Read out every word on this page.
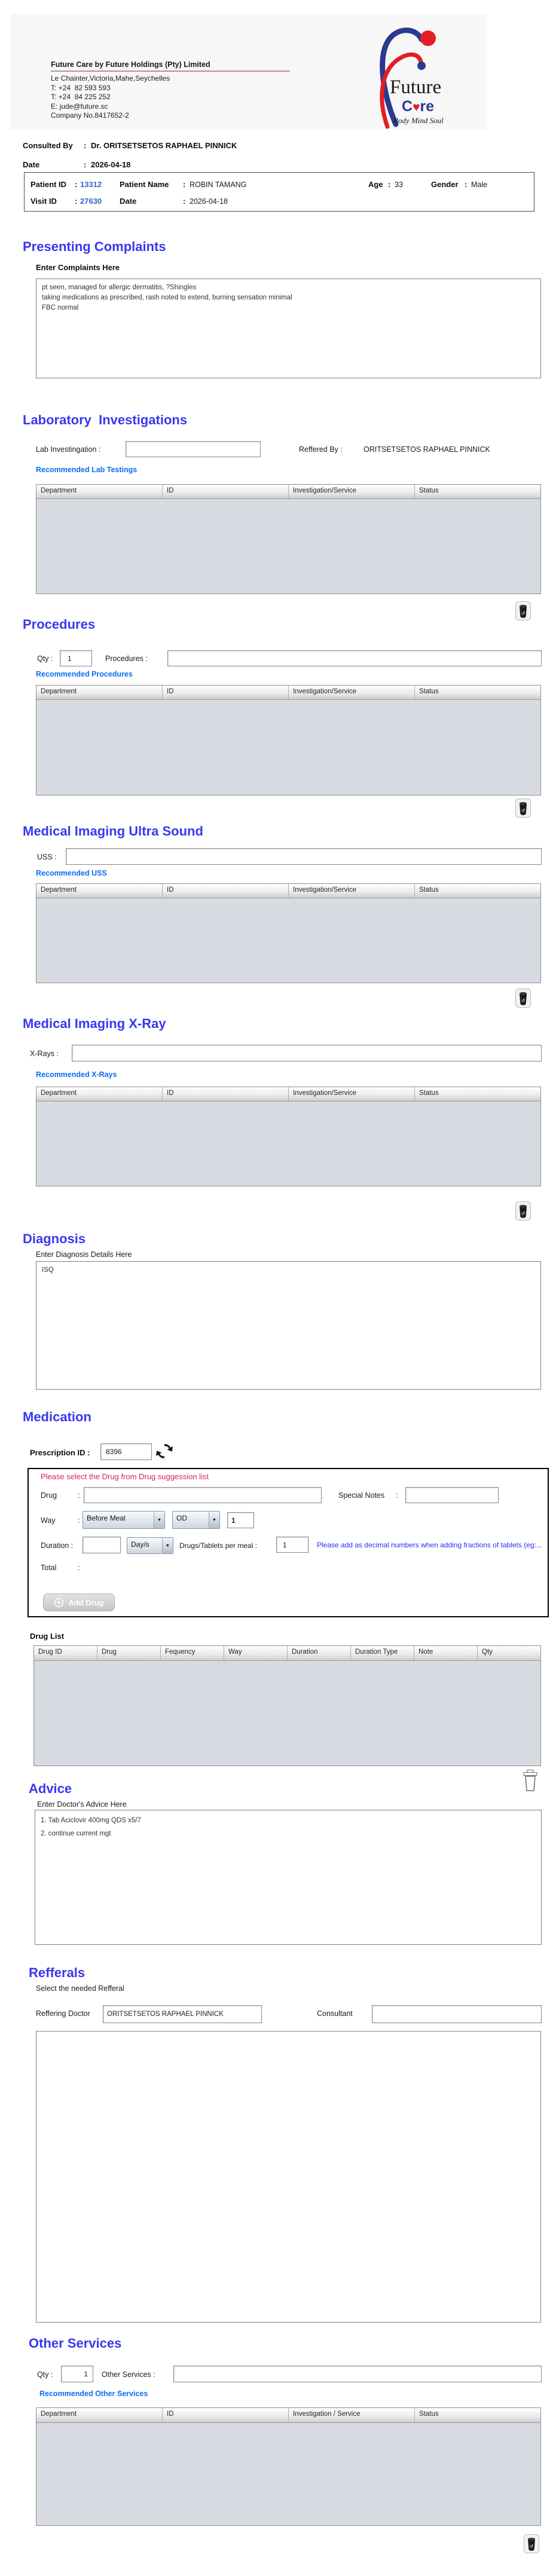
Future Care by Future Holdings (Pty) Limited
Le Chainter,Victoria,Mahe,Seychelles
T: +24  82 593 593
T: +24  84 225 252
E: jude@future.sc
Company No.8417652-2
Future
C♥re
Body Mind Soul
Consulted By : Dr. ORITSETSETOS RAPHAEL PINNICK
Date	: 2026-04-18
Patient ID : 13312 Patient Name : ROBIN TAMANG	Age : 33	Gender : Male
Visit ID : 27630 Date	: 2026-04-18
Presenting Complaints
Enter Complaints Here
pt seen, managed for allergic dermatitis, ?Shingles taking medications as prescribed, rash noted to extend, burning sensation minimal FBC normal
Laboratory  Investigations
Lab Investingation :	Reffered By :	ORITSETSETOS RAPHAEL PINNICK
Recommended Lab Testings
Department	ID	Investigation/Service	Status
↺
Procedures
Qty :
1	Procedures :
Recommended Procedures
Department	ID	Investigation/Service	Status
↺
Medical Imaging Ultra Sound
USS :
Recommended USS
Department	ID	Investigation/Service	Status
↺
Medical Imaging X-Ray
X-Rays :
Recommended X-Rays
Department	ID	Investigation/Service	Status
↺
Diagnosis
Enter Diagnosis Details Here
ISQ
Medication
Prescription ID :
8396
Please select the Drug from Drug suggession list
Drug	:	Special Notes :
Way	: Before Meal ▼	OD
▼
1
Duration :	Day/s ▼	Drugs/Tablets per meal :
1	Please add as decimal numbers when adding fractions of tablets (eg:...
Total	:
Add Drug
Drug List
Drug ID	Drug	Fequency	Way	Duration	Duration Type	Note	Qty
Advice
Enter Doctor's Advice Here
1. Tab Aciclovir 400mg QDS x5/7 2. continue current mgt
Refferals
Select the needed Refferal
Reffering Doctor
ORITSETSETOS RAPHAEL PINNICK	Consultant
Other Services
Qty :
1	Other Services :
Recommended Other Services
Department	ID	Investigation / Service	Status
↺
